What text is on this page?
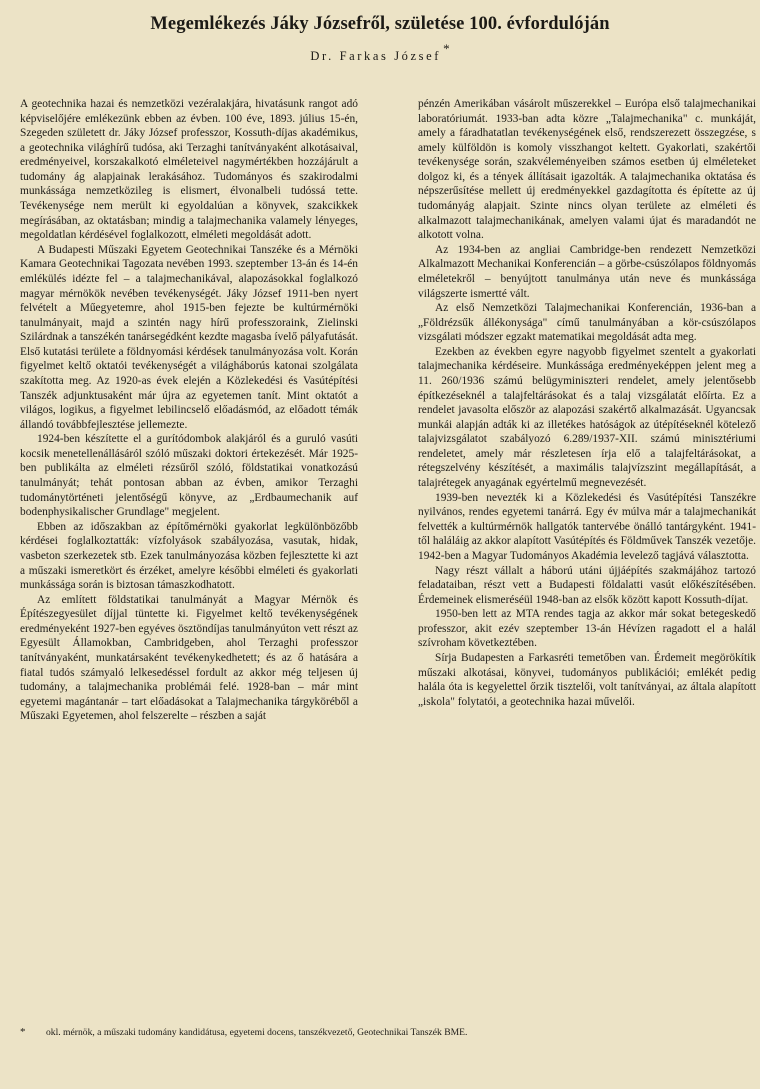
Megemlékezés Jáky Józsefről, születése 100. évfordulóján
Dr. Farkas József *

A geotechnika hazai és nemzetközi vezéralakjára, hivatásunk rangot adó képviselőjére emlékezünk ebben az évben. 100 éve, 1893. július 15-én, Szegeden született dr. Jáky József professzor, Kossuth-díjas akadémikus, a geotechnika világhírű tudósa, aki Terzaghi tanítványaként alkotásaival, eredményeivel, korszakalkotó elméleteivel nagymértékben hozzájárult a tudomány ág alapjainak lerakásához. Tudományos és szakirodalmi munkássága nemzetközileg is elismert, élvonalbeli tudóssá tette. Tevékenysége nem merült ki egyoldalúan a könyvek, szakcikkek megírásában, az oktatásban; mindig a talajmechanika valamely lényeges, megoldatlan kérdésével foglalkozott, elméleti megoldását adott.

A Budapesti Műszaki Egyetem Geotechnikai Tanszéke és a Mérnöki Kamara Geotechnikai Tagozata nevében 1993. szeptember 13-án és 14-én emlékülés idézte fel – a talajmechanikával, alapozásokkal foglalkozó magyar mérnökök nevében tevékenységét. Jáky József 1911-ben nyert felvételt a Műegyetemre, ahol 1915-ben fejezte be kultúrmérnöki tanulmányait, majd a szintén nagy hírű professzoraink, Zielinski Szilárdnak a tanszékén tanársegédként kezdte magasba ívelő pályafutását. Első kutatási területe a földnyomási kérdések tanulmányozása volt. Korán figyelmet keltő oktatói tevékenységét a világháborús katonai szolgálata szakította meg. Az 1920-as évek elején a Közlekedési és Vasútépítési Tanszék adjunktusaként már újra az egyetemen tanít. Mint oktatót a világos, logikus, a figyelmet lebilincselő előadásmód, az előadott témák állandó továbbfejlesztése jellemezte.

1924-ben készítette el a gurítódombok alakjáról és a guruló vasúti kocsik menetellenállásáról szóló műszaki doktori értekezését. Már 1925-ben publikálta az elméleti rézsűről szóló, földstatikai vonatkozású tanulmányát; tehát pontosan abban az évben, amikor Terzaghi tudománytörténeti jelentőségű könyve, az „Erdbaumechanik auf bodenphysikalischer Grundlage" megjelent.

Ebben az időszakban az építőmérnöki gyakorlat legkülönbözőbb kérdései foglalkoztatták: vízfolyások szabályozása, vasutak, hidak, vasbeton szerkezetek stb. Ezek tanulmányozása közben fejlesztette ki azt a műszaki ismeretkört és érzéket, amelyre későbbi elméleti és gyakorlati munkássága során is biztosan támaszkodhatott.

Az említett földstatikai tanulmányát a Magyar Mérnök és Építészegyesület díjjal tüntette ki. Figyelmet keltő tevékenységének eredményeként 1927-ben egyéves ösztöndíjas tanulmányúton vett részt az Egyesült Államokban, Cambridgeben, ahol Terzaghi professzor tanítványaként, munkatársaként tevékenykedhetett; és az ő hatására a fiatal tudós számyaló lelkesedéssel fordult az akkor még teljesen új tudomány, a talajmechanika problémái felé. 1928-ban – már mint egyetemi magántanár – tart előadásokat a Talajmechanika tárgyköréből a Műszaki Egyetemen, ahol felszerelte – részben a saját

pénzén Amerikában vásárolt műszerekkel – Európa első talajmechanikai laboratóriumát. 1933-ban adta közre „Talajmechanika" c. munkáját, amely a fáradhatatlan tevékenységének első, rendszerezett összegzése, s amely külföldön is komoly visszhangot keltett. Gyakorlati, szakértői tevékenysége során, szakvéleményeiben számos esetben új elméleteket dolgoz ki, és a tények állításait igazolták. A talajmechanika oktatása és népszerűsítése mellett új eredményekkel gazdagította és építette az új tudományág alapjait. Szinte nincs olyan területe az elméleti és alkalmazott talajmechanikának, amelyen valami újat és maradandót ne alkotott volna.

Az 1934-ben az angliai Cambridge-ben rendezett Nemzetközi Alkalmazott Mechanikai Konferencián – a görbe-csúszólapos földnyomás elméletekről – benyújtott tanulmánya után neve és munkássága világszerte ismertté vált.

Az első Nemzetközi Talajmechanikai Konferencián, 1936-ban a „Földrézsűk állékonysága" című tanulmányában a kör-csúszólapos vizsgálati módszer egzakt matematikai megoldását adta meg.

Ezekben az években egyre nagyobb figyelmet szentelt a gyakorlati talajmechanika kérdéseire. Munkássága eredményeképpen jelent meg a 11. 260/1936 számú belügyminiszteri rendelet, amely jelentősebb építkezéseknél a talajfeltárásokat és a talaj vizsgálatát előírta. Ez a rendelet javasolta először az alapozási szakértő alkalmazását. Ugyancsak munkái alapján adták ki az illetékes hatóságok az útépítéseknél kötelező talajvizsgálatot szabályozó 6.289/1937-XII. számú minisztériumi rendeletet, amely már részletesen írja elő a talajfeltárásokat, a rétegszelvény készítését, a maximális talajvízszint megállapítását, a talajrétegek anyagának egyértelmű megnevezését.

1939-ben nevezték ki a Közlekedési és Vasútépítési Tanszékre nyilvános, rendes egyetemi tanárrá. Egy év múlva már a talajmechanikát felvették a kultúrmérnök hallgatók tantervébe önálló tantárgyként. 1941-től haláláig az akkor alapított Vasútépítés és Földművek Tanszék vezetője. 1942-ben a Magyar Tudományos Akadémia levelező tagjává választotta.

Nagy részt vállalt a háború utáni újjáépítés szakmájához tartozó feladataiban, részt vett a Budapesti földalatti vasút előkészítésében. Érdemeinek elismeréséül 1948-ban az elsők között kapott Kossuth-díjat.

1950-ben lett az MTA rendes tagja az akkor már sokat betegeskedő professzor, akit ezév szeptember 13-án Hévízen ragadott el a halál szívroham következtében.

Sírja Budapesten a Farkasréti temetőben van. Érdemeit megörökítik műszaki alkotásai, könyvei, tudományos publikációi; emlékét pedig halála óta is kegyelettel őrzik tisztelői, volt tanítványai, az általa alapított „iskola" folytatói, a geotechnika hazai művelői.

* okl. mérnök, a műszaki tudomány kandidátusa, egyetemi docens, tanszékvezető, Geotechnikai Tanszék BME.
